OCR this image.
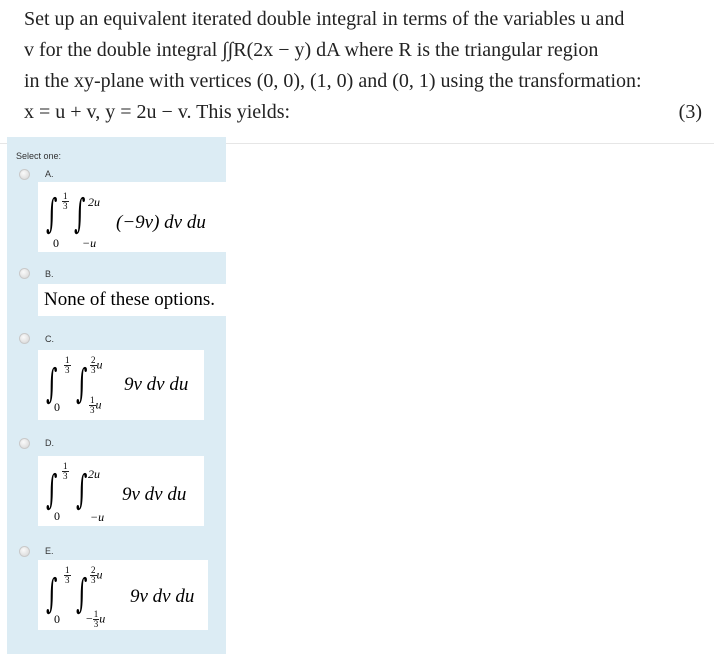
Set up an equivalent iterated double integral in terms of the variables u and
v for the double integral ∫∫R(2x − y) dA where R is the triangular region
in the xy-plane with vertices (0, 0), (1, 0) and (0, 1) using the transformation:
x = u + v, y = 2u − v. This yields:	(3)
Select one:
A.
∫ $\frac{1}{3}$
0
∫ 2u
−u
(−9v) dv du
B.
None of these options.
C.
∫ $\frac{1}{3}$
0 ∫ $\frac{2}{3}$ u
$\frac{1}{3}$ u
9v dv du
D.
∫ $\frac{1}{3}$
0
∫ 2u
−u
9v dv du
E.
∫ $\frac{1}{3}$
0
∫ $\frac{2}{3}$ u
− $\frac{1}{3}$ u
9v dv du
